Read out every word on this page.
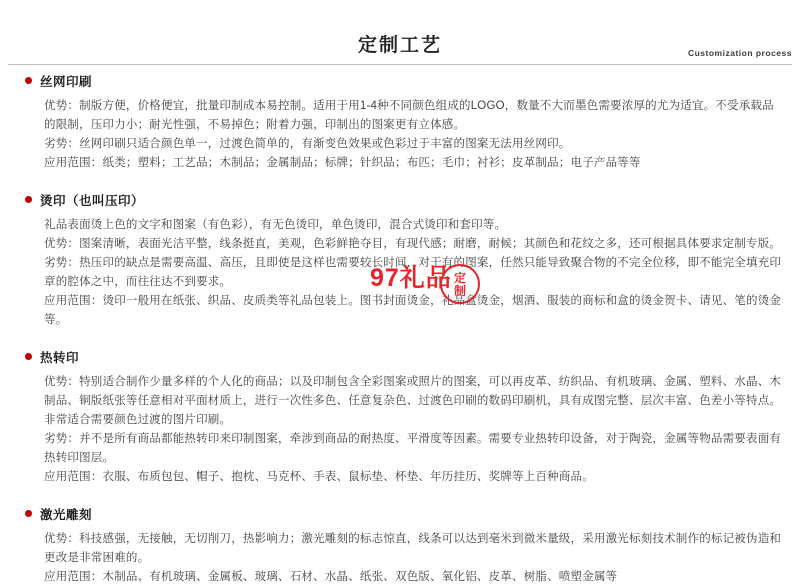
定制工艺	Customization process
丝网印刷
优势：制版方便，价格便宜，批量印制成本易控制。适用于用1-4种不同颜色组成的LOGO，数量不大而墨色需要浓厚的尤为适宜。不受承载品的限制，压印力小；耐光性强，不易掉色；附着力强，印制出的图案更有立体感。
劣势：丝网印刷只适合颜色单一，过渡色简单的，有渐变色效果或色彩过于丰富的图案无法用丝网印。
应用范围：纸类；塑料；工艺品；木制品；金属制品；标牌；针织品；布匹；毛巾；衬衫；皮革制品；电子产品等等
烫印（也叫压印）
礼品表面烫上色的文字和图案（有色彩），有无色烫印，单色烫印，混合式烫印和套印等。
优势：图案清晰，表面光洁平整，线条挺直，美观，色彩鲜艳夺目，有现代感；耐磨，耐候；其颜色和花纹之多，还可根据具体要求定制专版。
劣势：热压印的缺点是需要高温、高压，且即使是这样也需要较长时间，对于有的图案，任然只能导致聚合物的不完全位移，即不能完全填充印章的腔体之中，而往往达不到要求。
应用范围：烫印一般用在纸张、织品、皮质类等礼品包装上。图书封面烫金，礼品盒烫金，烟酒、服装的商标和盒的烫金贺卡、请见、笔的烫金等。
热转印
优势：特别适合制作少量多样的个人化的商品；以及印制包含全彩图案或照片的图案，可以再皮革、纺织品、有机玻璃、金属、塑料、水晶、木制品、铜版纸张等任意相对平面材质上，进行一次性多色、任意复杂色、过渡色印刷的数码印刷机，具有成图完整、层次丰富、色差小等特点。非常适合需要颜色过渡的图片印刷。
劣势：并不是所有商品都能热转印来印制图案，牵涉到商品的耐热度、平滑度等因素。需要专业热转印设备，对于陶瓷，金属等物品需要表面有热转印图层。
应用范围：衣服、布质包包、帽子、抱枕、马克杯、手表、鼠标垫、杯垫、年历挂历、奖牌等上百种商品。
激光雕刻
优势：科技感强，无接触，无切削刀，热影响力；激光雕刻的标志惊直，线条可以达到毫米到微米量级，采用激光标刻技术制作的标记被伪造和更改是非常困难的。
应用范围：木制品、有机玻璃、金属板、玻璃、石材、水晶、纸张、双色版、氧化铝、皮革、树脂、喷塑金属等
97礼品 定
制
